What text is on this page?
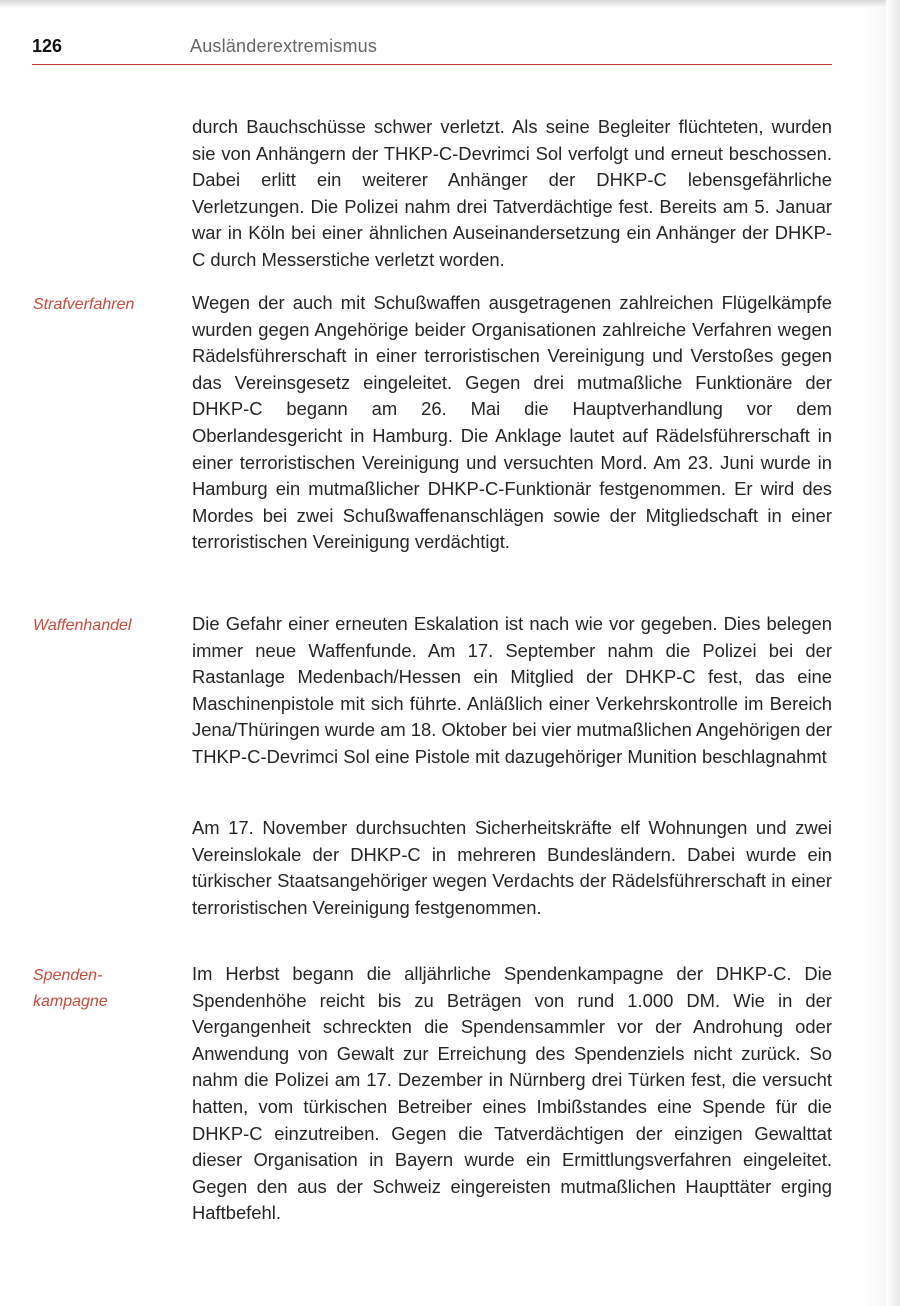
126	Ausländerextremismus

durch Bauchschüsse schwer verletzt. Als seine Begleiter flüchteten, wurden sie von Anhängern der THKP-C-Devrimci Sol verfolgt und erneut beschossen. Dabei erlitt ein weiterer Anhänger der DHKP-C lebensgefährliche Verletzungen. Die Polizei nahm drei Tatverdächtige fest. Bereits am 5. Januar war in Köln bei einer ähnlichen Auseinandersetzung ein Anhänger der DHKP-C durch Messerstiche verletzt worden.

Strafverfahren	Wegen der auch mit Schußwaffen ausgetragenen zahlreichen Flügelkämpfe wurden gegen Angehörige beider Organisationen zahlreiche Verfahren wegen Rädelsführerschaft in einer terroristischen Vereinigung und Verstoßes gegen das Vereinsgesetz eingeleitet. Gegen drei mutmaßliche Funktionäre der DHKP-C begann am 26. Mai die Hauptverhandlung vor dem Oberlandesgericht in Hamburg. Die Anklage lautet auf Rädelsführerschaft in einer terroristischen Vereinigung und versuchten Mord. Am 23. Juni wurde in Hamburg ein mutmaßlicher DHKP-C-Funktionär festgenommen. Er wird des Mordes bei zwei Schußwaffenanschlägen sowie der Mitgliedschaft in einer terroristischen Vereinigung verdächtigt.

Waffenhandel	Die Gefahr einer erneuten Eskalation ist nach wie vor gegeben. Dies belegen immer neue Waffenfunde. Am 17. September nahm die Polizei bei der Rastanlage Medenbach/Hessen ein Mitglied der DHKP-C fest, das eine Maschinenpistole mit sich führte. Anläßlich einer Verkehrskontrolle im Bereich Jena/Thüringen wurde am 18. Oktober bei vier mutmaßlichen Angehörigen der THKP-C-Devrimci Sol eine Pistole mit dazugehöriger Munition beschlagnahmt

Am 17. November durchsuchten Sicherheitskräfte elf Wohnungen und zwei Vereinslokale der DHKP-C in mehreren Bundesländern. Dabei wurde ein türkischer Staatsangehöriger wegen Verdachts der Rädelsführerschaft in einer terroristischen Vereinigung festgenommen.

Spenden-
kampagne

Im Herbst begann die alljährliche Spendenkampagne der DHKP-C. Die Spendenhöhe reicht bis zu Beträgen von rund 1.000 DM. Wie in der Vergangenheit schreckten die Spendensammler vor der Androhung oder Anwendung von Gewalt zur Erreichung des Spendenziels nicht zurück. So nahm die Polizei am 17. Dezember in Nürnberg drei Türken fest, die versucht hatten, vom türkischen Betreiber eines Imbißstandes eine Spende für die DHKP-C einzutreiben. Gegen die Tatverdächtigen der einzigen Gewalttat dieser Organisation in Bayern wurde ein Ermittlungsverfahren eingeleitet. Gegen den aus der Schweiz eingereisten mutmaßlichen Haupttäter erging Haftbefehl.
